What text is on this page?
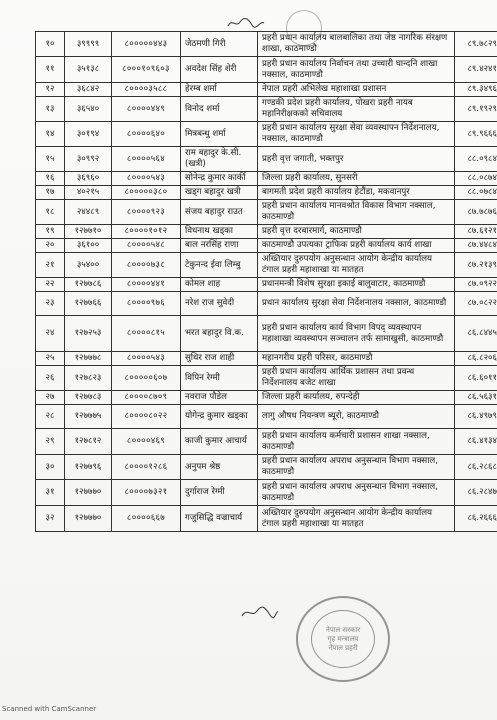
१०	३९९९९	८०००००४४३	जेठमणी गिरी	प्रहरी प्रधान कार्यालय बालबालिका तथा जेष्ठ नागरिक संरक्षण शाखा, काठमाण्डौ	८९.७८२९
११	३५१३८	८०००१०९६०३	अवदेश सिंह शेरी	प्रहरी प्रधान कार्यालय निर्वाचन तथा उच्चारी घान्दनि शाखा नक्साल, काठमाण्डौ	८९.४२४१
१२	३६८४२	८००००३५८८	हेरम्ब शर्मा	नेपाल प्रहरी अभिलेख महाशाखा प्रशासन	८९.३४९६
१३	३६५४०	८००००४४९	विनोद शर्मा	गण्डकी प्रदेश प्रहरी कार्यालय, पोखरा प्रहरी नायब महानिरीक्षकको सचिवालय	८९.१९२९
१४	३०१९४	८००००६४०	मित्रबन्धु शर्मा	प्रहरी प्रधान कार्यालय सुरक्षा सेवा व्यवस्थापन निर्देशनालय, नक्साल, काठमाण्डौ	८९.९६६६
१५	३०९९२	८००००५६४	राम बहादुर के.सी. (खत्री)	प्रहरी वृत्त जगाती, भक्तपुर	८८.०९८४
१६	३६९६०	८००००५४३	सोनेन्द्र कुमार कार्की	जिल्ला प्रहरी कार्यालय, सुनसरी	८८.०८७४
१७	४०२१५	८०००००३८०	खड्‌ग बहादुर खत्री	बागमती प्रदेश प्रहरी कार्यालय हेटौंडा, मकवानपुर	८८.०७८४
१८	२४४८९	८००००९२३	संजय बहादुर राउत	प्रहरी प्रधान कार्यालय मानवश्रोत विकास विभाग नक्साल, काठमाण्डौ	८७.७८७६
१९	१२७७१०	८००००१०१२	विधनाथ खड्का	प्रहरी वृत्त दरबारमार्ग, काठमाण्डौ	८७.६१२१
२०	३६१००	८००००५४८	बाल नरसिंह राणा	काठमाण्डौ उपत्यका ट्राफिक प्रहरी कार्यालय कार्य शाखा	८७.४४८४
२१	३५४००	८००००७३८	टेकुनन्द ईवा लिम्बु	अख्तियार दुरुपयोग अनुसन्धान आयोग केन्द्रीय कार्यालय टंगाल प्रहरी महाशाखा या मातहत	८७.२१३९
२२	१२७७८६	८००००४४१	कोमल शाह	प्रधानमन्त्री विशेष सुरक्षा इकाई बालुवाटार, काठमाण्डौ	८७.०९२२
२३	१२७७६६	८००००९७६	नरेश राज सुवेदी	प्रधान कार्यालय सुरक्षा सेवा निर्देशनालय नक्साल, काठमाण्डौ	८७.०८२२
२४	१२७२५३	८००००८१५	भरत बहादुर वि.क.	प्रहरी प्रधान कार्यालय कार्य विभाग विपद् व्यवस्थापन महाशाखा व्यवस्थापन सञ्चालन तर्फ सामाखुसी, काठमाण्डौ	८६.८४४५
२५	१२७७७८	८००००५४३	सुधिर राज शाही	महानगरीय प्रहरी परिसर, काठमाण्डौ	८६.८२०६
२६	१२७८२३	८०००००६०७	विपिन रेग्मी	प्रहरी प्रधान कार्यालय आर्थिक प्रशासन तथा प्रवन्ध निर्देशनालय बजेट शाखा	८६.६०११
२७	१२७७८३	८००००८७०९	नवराज पौडेल	जिल्ला प्रहरी कार्यालय, रुपन्देही	८६.५६३१
२८	१२७७७५	८००००८०२२	योगेन्द्र कुमार खड्का	लागु औषध नियन्त्रण ब्यूरो, काठमाण्डौ	८६.४९७९
२९	१२७८१२	८००००४६९	काजी कुमार आचार्य	प्रहरी प्रधान कार्यालय कर्मचारी प्रशासन शाखा नक्साल, काठमाण्डौ	८६.४१३४
३०	१२७७९६	८००००१२८६	अनुपम श्रेष्ठ	प्रहरी प्रधान कार्यालय अपराध अनुसन्धान विभाग नक्साल, काठमाण्डौ	८६.२८६८
३१	१२७७७०	८००००७३२१	दुर्गाराज रेग्मी	प्रहरी प्रधान कार्यालय अपराध अनुसन्धान विभाग नक्साल, काठमाण्डौ	८६.२८४७
३२	१२७७७०	८००००६६७	गजुसिद्धि वज्राचार्य	अख्तियार दुरुपयोग अनुसन्धान आयोग केन्द्रीय कार्यालय टंगाल प्रहरी महाशाखा या मातहत	८६.२६६६
नेपाल सरकार
गृह मन्त्रालय
नेपाल प्रहरी
Scanned with CamScanner
